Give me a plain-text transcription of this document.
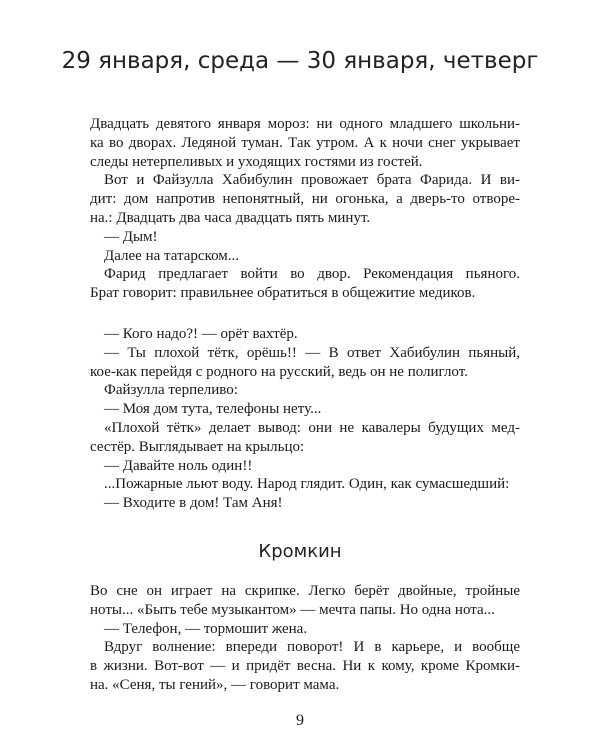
29 января, среда — 30 января, четверг

Двадцать девятого января мороз: ни одного младшего школьни-

ка во дворах. Ледяной туман. Так утром. А к ночи снег укрывает

следы нетерпеливых и уходящих гостями из гостей.

Вот и Файзулла Хабибулин провожает брата Фарида. И ви-

дит: дом напротив непонятный, ни огонька, а дверь-то отворе-

на.: Двадцать два часа двадцать пять минут.

— Дым!

Далее на татарском...

Фарид предлагает войти во двор. Рекомендация пьяного.

Брат говорит: правильнее обратиться в общежитие медиков.

— Кого надо?! — орёт вахтёр.

— Ты плохой тётк, орёшь!! — В ответ Хабибулин пьяный,

кое-как перейдя с родного на русский, ведь он не полиглот.

Файзулла терпеливо:

— Моя дом тута, телефоны нету...

«Плохой тётк» делает вывод: они не кавалеры будущих мед-

сестёр. Выглядывает на крыльцо:

— Давайте ноль один!!

...Пожарные льют воду. Народ глядит. Один, как сумасшедший:

— Входите в дом! Там Аня!

Кромкин

Во сне он играет на скрипке. Легко берёт двойные, тройные

ноты... «Быть тебе музыкантом» — мечта папы. Но одна нота...

— Телефон, — тормошит жена.

Вдруг волнение: впереди поворот! И в карьере, и вообще

в жизни. Вот-вот — и придёт весна. Ни к кому, кроме Кромки-

на. «Сеня, ты гений», — говорит мама.

9
